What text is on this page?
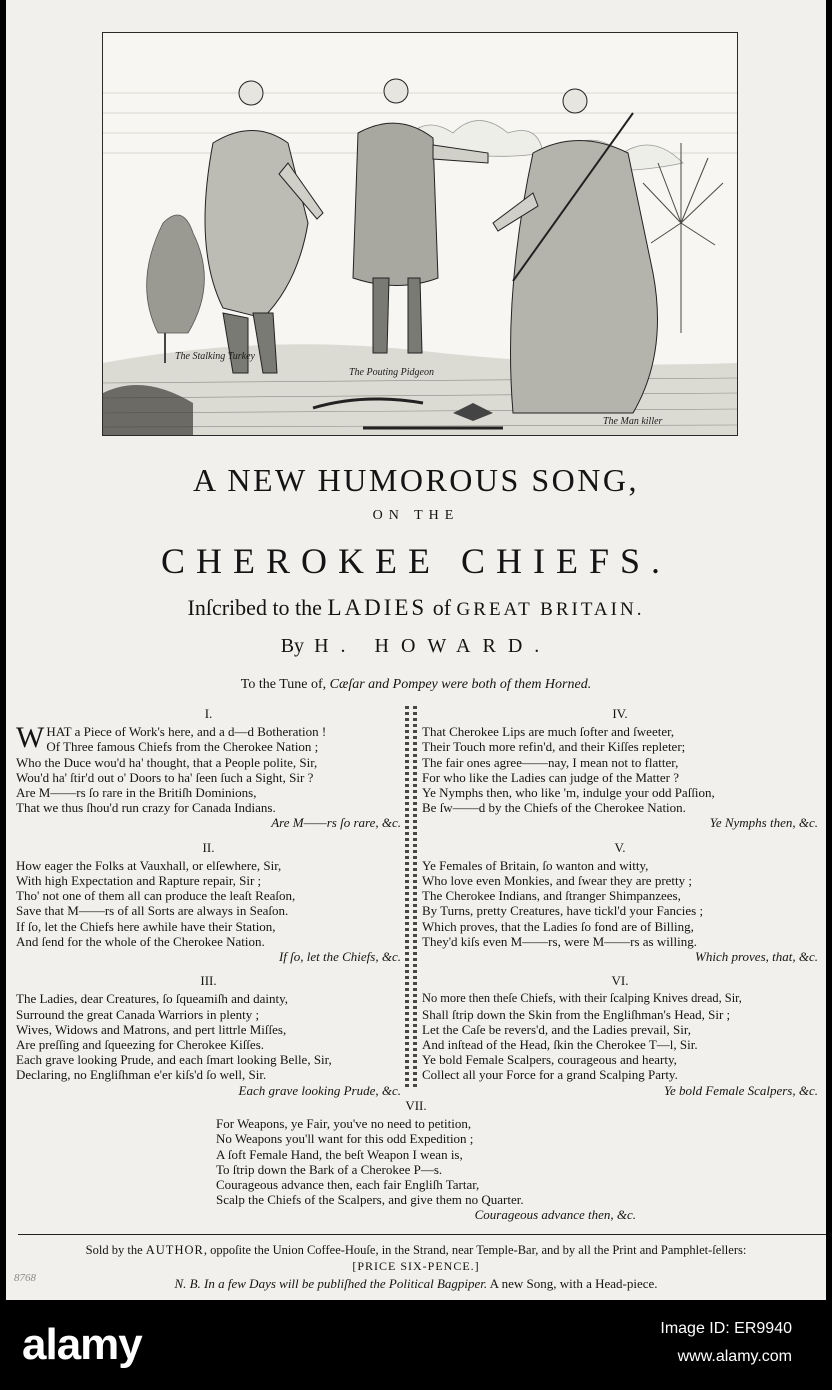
The Stalking Turkey
The Pouting Pidgeon
The Man killer
A NEW HUMOROUS SONG,
ON THE
CHEROKEE CHIEFS.
Inſcribed to the LADIES of GREAT BRITAIN.
By H. HOWARD.
To the Tune of, Cæſar and Pompey were both of them Horned.
I.
W HAT a Piece of Work's here, and a d—d Botheration !
Of Three famous Chiefs from the Cherokee Nation ;
Who the Duce wou'd ha' thought, that a People polite, Sir,
Wou'd ha' ſtir'd out o' Doors to ha' ſeen ſuch a Sight, Sir ?
Are M——rs ſo rare in the Britiſh Dominions,
That we thus ſhou'd run crazy for Canada Indians.
Are M——rs ſo rare, &c.
II.
How eager the Folks at Vauxhall, or elſewhere, Sir,
With high Expectation and Rapture repair, Sir ;
Tho' not one of them all can produce the leaſt Reaſon,
Save that M——rs of all Sorts are always in Seaſon.
If ſo, let the Chiefs here awhile have their Station,
And ſend for the whole of the Cherokee Nation.
If ſo, let the Chiefs, &c.
III.
The Ladies, dear Creatures, ſo ſqueamiſh and dainty,
Surround the great Canada Warriors in plenty ;
Wives, Widows and Matrons, and pert littrle Miſſes,
Are preſſing and ſqueezing for Cherokee Kiſſes.
Each grave looking Prude, and each ſmart looking Belle, Sir,
Declaring, no Engliſhman e'er kiſs'd ſo well, Sir.
Each grave looking Prude, &c.
IV.
That Cherokee Lips are much ſofter and ſweeter,
Their Touch more refin'd, and their Kiſſes repleter;
The fair ones agree——nay, I mean not to flatter,
For who like the Ladies can judge of the Matter ?
Ye Nymphs then, who like 'm, indulge your odd Paſſion,
Be ſw——d by the Chiefs of the Cherokee Nation.
Ye Nymphs then, &c.
V.
Ye Females of Britain, ſo wanton and witty,
Who love even Monkies, and ſwear they are pretty ;
The Cherokee Indians, and ſtranger Shimpanzees,
By Turns, pretty Creatures, have tickl'd your Fancies ;
Which proves, that the Ladies ſo fond are of Billing,
They'd kiſs even M——rs, were M——rs as willing.
Which proves, that, &c.
VI.
No more then theſe Chiefs, with their ſcalping Knives dread, Sir,
Shall ſtrip down the Skin from the Engliſhman's Head, Sir ;
Let the Caſe be revers'd, and the Ladies prevail, Sir,
And inſtead of the Head, ſkin the Cherokee T—l, Sir.
Ye bold Female Scalpers, courageous and hearty,
Collect all your Force for a grand Scalping Party.
Ye bold Female Scalpers, &c.
VII.
For Weapons, ye Fair, you've no need to petition,
No Weapons you'll want for this odd Expedition ;
A ſoft Female Hand, the beſt Weapon I wean is,
To ſtrip down the Bark of a Cherokee P—s.
Courageous advance then, each fair Engliſh Tartar,
Scalp the Chiefs of the Scalpers, and give them no Quarter.
Courageous advance then, &c.
Sold by the AUTHOR, oppoſite the Union Coffee-Houſe, in the Strand, near Temple-Bar, and by all the Print and Pamphlet-ſellers:
[PRICE SIX-PENCE.]
N. B. In a few Days will be publiſhed the Political Bagpiper. A new Song, with a Head-piece.
8768
alamy	Image ID: ER9940
www.alamy.com
